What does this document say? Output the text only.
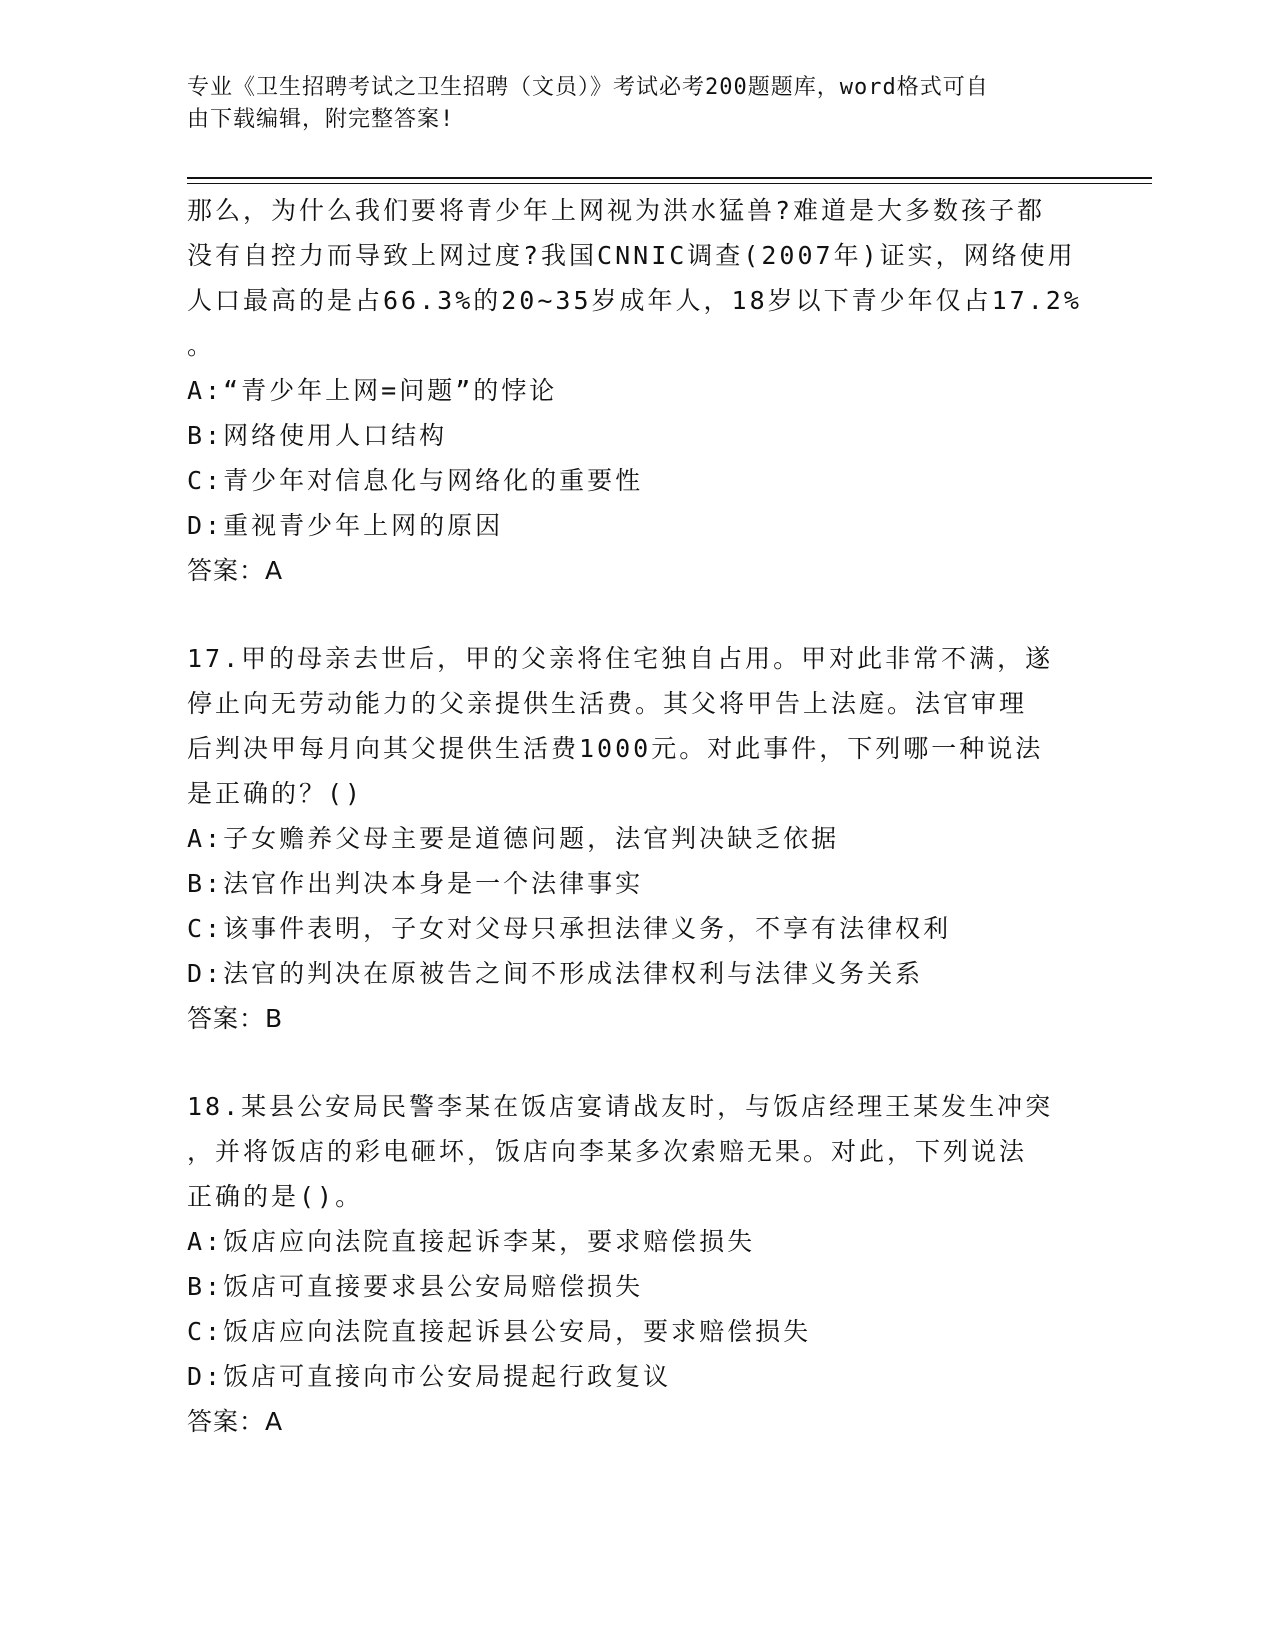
专业《卫生招聘考试之卫生招聘（文员）》考试必考200题题库，word格式可自
由下载编辑，附完整答案!
那么，为什么我们要将青少年上网视为洪水猛兽?难道是大多数孩子都
没有自控力而导致上网过度?我国CNNIC调查(2007年)证实，网络使用
人口最高的是占66.3%的20~35岁成年人，18岁以下青少年仅占17.2%
。
A:“青少年上网=问题”的悖论
B:网络使用人口结构
C:青少年对信息化与网络化的重要性
D:重视青少年上网的原因
答案：A
17.甲的母亲去世后，甲的父亲将住宅独自占用。甲对此非常不满，遂
停止向无劳动能力的父亲提供生活费。其父将甲告上法庭。法官审理
后判决甲每月向其父提供生活费1000元。对此事件，下列哪一种说法
是正确的？()
A:子女赡养父母主要是道德问题，法官判决缺乏依据
B:法官作出判决本身是一个法律事实
C:该事件表明，子女对父母只承担法律义务，不享有法律权利
D:法官的判决在原被告之间不形成法律权利与法律义务关系
答案：B
18.某县公安局民警李某在饭店宴请战友时，与饭店经理王某发生冲突
，并将饭店的彩电砸坏，饭店向李某多次索赔无果。对此，下列说法
正确的是()。
A:饭店应向法院直接起诉李某，要求赔偿损失
B:饭店可直接要求县公安局赔偿损失
C:饭店应向法院直接起诉县公安局，要求赔偿损失
D:饭店可直接向市公安局提起行政复议
答案：A
